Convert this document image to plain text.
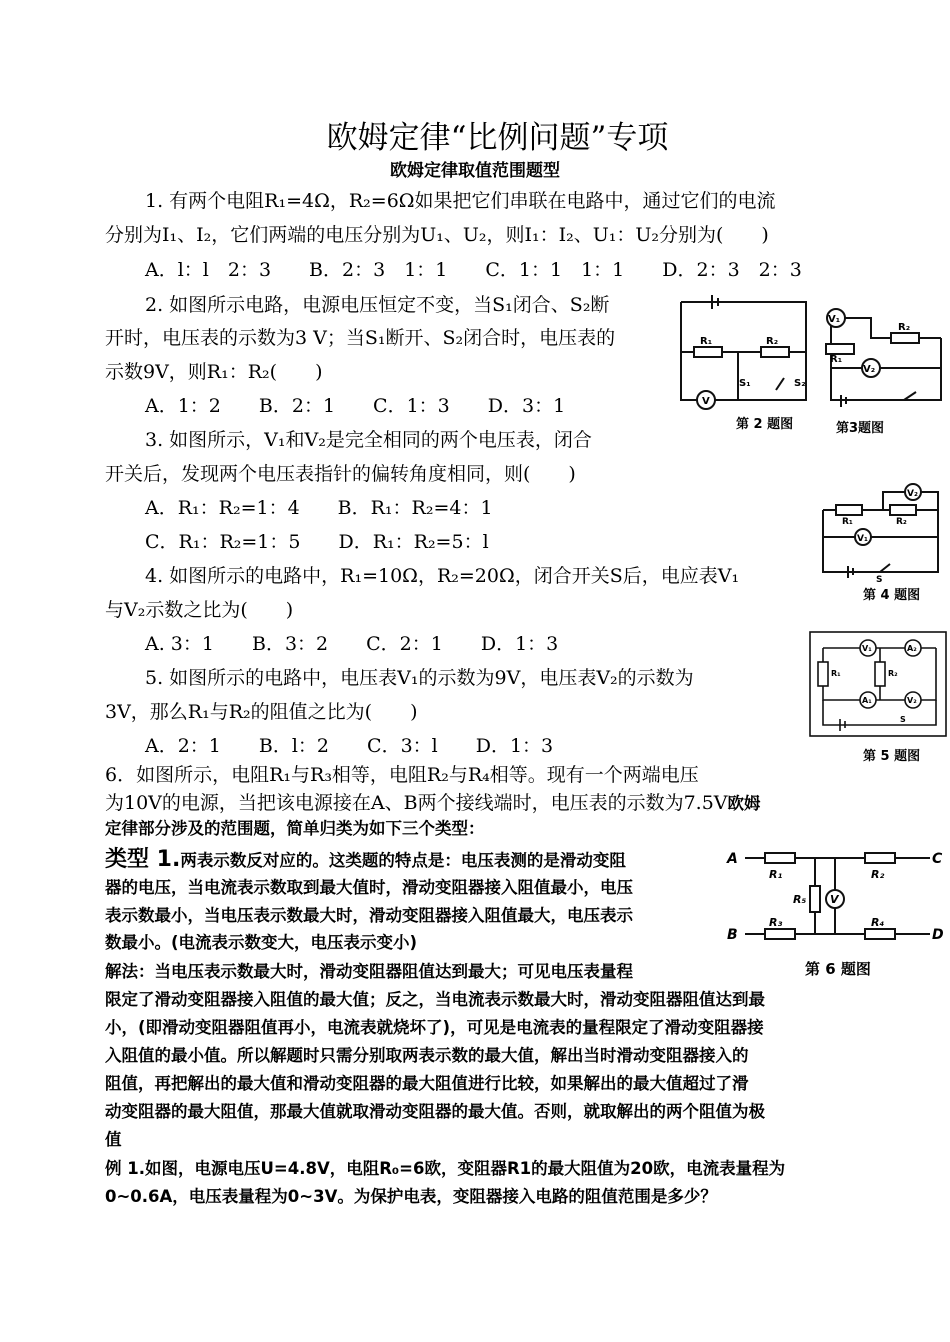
欧姆定律“比例问题”专项
欧姆定律取值范围题型
1. 有两个电阻R₁=4Ω，R₂=6Ω如果把它们串联在电路中，通过它们的电流
分别为I₁、I₂，它们两端的电压分别为U₁、U₂，则I₁：I₂、U₁：U₂分别为(　　)
A．l：l　2：3　　B．2：3　1：1　　C．1：1　1：1　　D．2：3　2：3
2. 如图所示电路，电源电压恒定不变，当S₁闭合、S₂断
开时，电压表的示数为3 V；当S₁断开、S₂闭合时，电压表的
示数9V，则R₁：R₂(　　)
A．1：2　　B．2：1　　C．1：3　　D．3：1
3. 如图所示，V₁和V₂是完全相同的两个电压表，闭合
开关后，发现两个电压表指针的偏转角度相同，则(　　)
A．R₁：R₂=1：4　　B．R₁：R₂=4：1
C．R₁：R₂=1：5　　D．R₁：R₂=5：l
4. 如图所示的电路中，R₁=10Ω，R₂=20Ω，闭合开关S后，电应表V₁
与V₂示数之比为(　　)
A. 3：1　　B．3：2　　C．2：1　　D．1：3
5. 如图所示的电路中，电压表V₁的示数为9V，电压表V₂的示数为
3V，那么R₁与R₂的阻值之比为(　　)
A．2：1　　B．l：2　　C．3：l　　D．1：3
6．如图所示，电阻R₁与R₃相等，电阻R₂与R₄相等。现有一个两端电压
为10V的电源，当把该电源接在A、B两个接线端时，电压表的示数为7.5V欧姆
定律部分涉及的范围题，简单归类为如下三个类型：
类型 1.两表示数反对应的。这类题的特点是：电压表测的是滑动变阻
器的电压，当电流表示数取到最大值时，滑动变阻器接入阻值最小，电压
表示数最小，当电压表示数最大时，滑动变阻器接入阻值最大，电压表示
数最小。(电流表示数变大，电压表示变小)
解法：当电压表示数最大时，滑动变阻器阻值达到最大；可见电压表量程
限定了滑动变阻器接入阻值的最大值；反之，当电流表示数最大时，滑动变阻器阻值达到最
小，(即滑动变阻器阻值再小，电流表就烧坏了)，可见是电流表的量程限定了滑动变阻器接
入阻值的最小值。所以解题时只需分别取两表示数的最大值，解出当时滑动变阻器接入的
阻值，再把解出的最大值和滑动变阻器的最大阻值进行比较，如果解出的最大值超过了滑
动变阻器的最大阻值，那最大值就取滑动变阻器的最大值。否则，就取解出的两个阻值为极
值
例 1.如图，电源电压U=4.8V，电阻R₀=6欧，变阻器R1的最大阻值为20欧，电流表量程为
0~0.6A，电压表量程为0~3V。为保护电表，变阻器接入电路的阻值范围是多少？
R₁	R₂
S₁	S₂
V
V₁
R₂
R₁
V₂
第 2 题图	第3题图
R₁	R₂
V₂
V₁
S
第 4 题图
R₁	R₂
V₁	A₂
A₁	V₂
S
第 5 题图
A
B
C
D
R₁	R₂
R₃	R₄
R₅ V
第 6 题图
